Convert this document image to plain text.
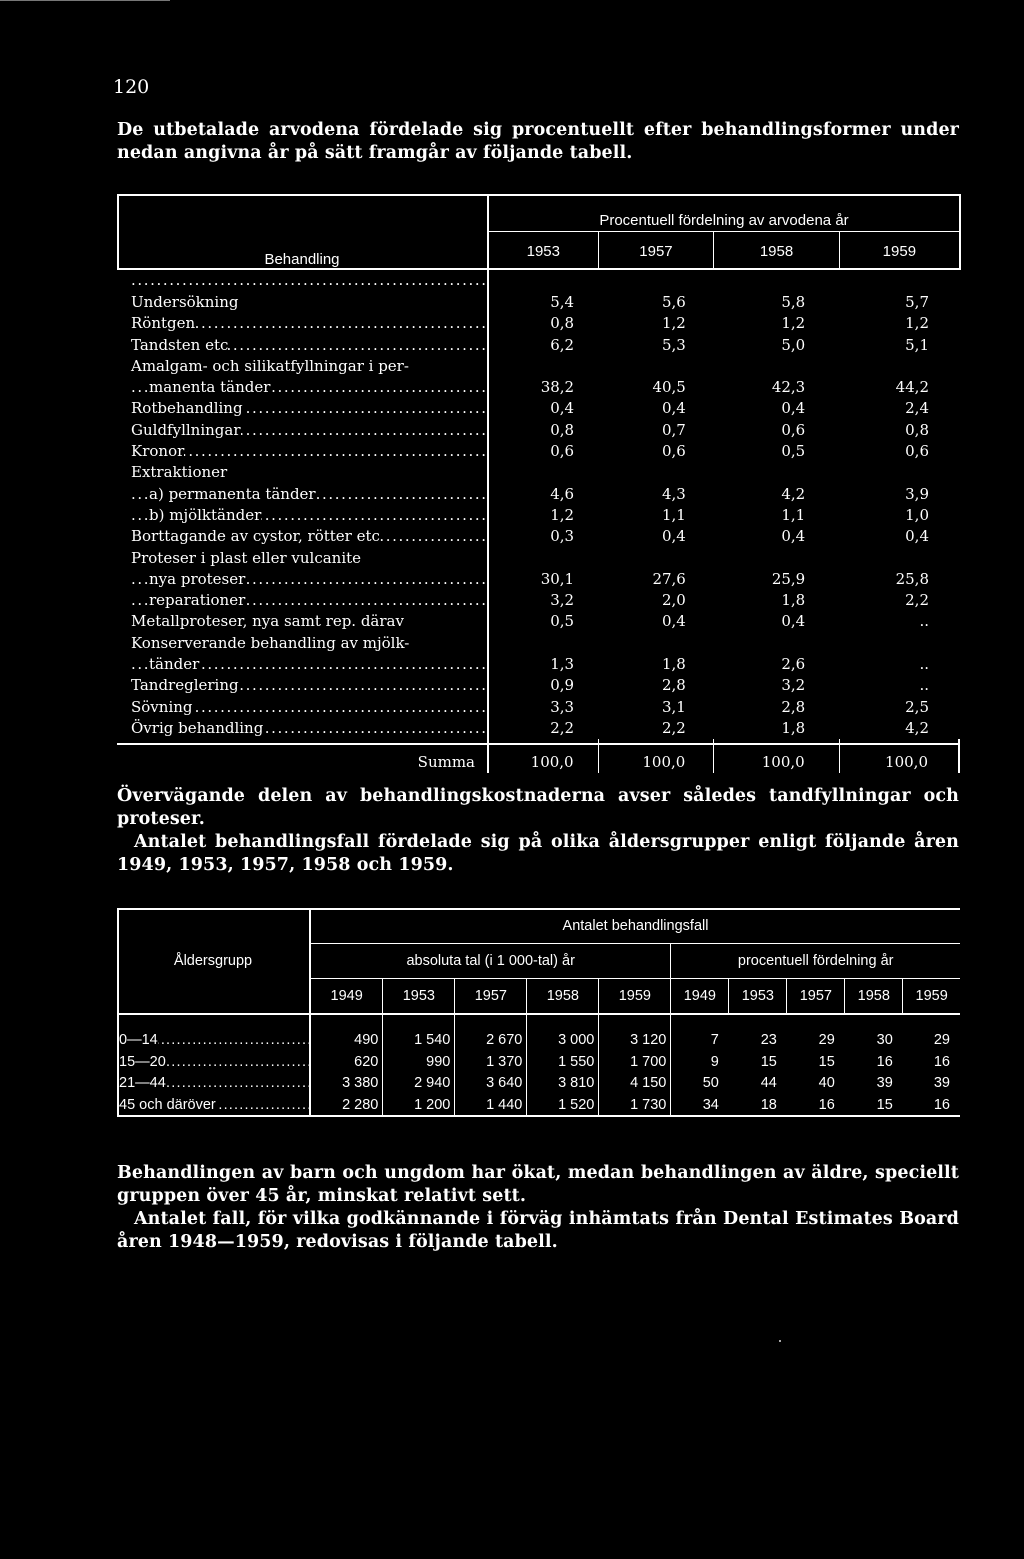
120

De utbetalade arvodena fördelade sig procentuellt efter behandlingsformer under nedan angivna år på sätt framgår av följande tabell.

Behandling	Procentuell fördelning av arvodena år			
	1953	1957	1958	1959
Undersökning .....	5,4	5,6	5,8	5,7
Röntgen .....	0,8	1,2	1,2	1,2
Tandsten etc .....	6,2	5,3	5,0	5,1
Amalgam- och silikatfyllningar i per-				
manenta tänder .....	38,2	40,5	42,3	44,2
Rotbehandling .....	0,4	0,4	0,4	2,4
Guldfyllningar .....	0,8	0,7	0,6	0,8
Kronor .....	0,6	0,6	0,5	0,6
Extraktioner				
a) permanenta tänder .....	4,6	4,3	4,2	3,9
b) mjölktänder .....	1,2	1,1	1,1	1,0
Borttagande av cystor, rötter etc .....	0,3	0,4	0,4	0,4
Proteser i plast eller vulcanite				
nya proteser .....	30,1	27,6	25,9	25,8
reparationer .....	3,2	2,0	1,8	2,2
Metallproteser, nya samt rep. därav	0,5	0,4	0,4	..
Konserverande behandling av mjölk-				
tänder .....	1,3	1,8	2,6	..
Tandreglering .....	0,9	2,8	3,2	..
Sövning .....	3,3	3,1	2,8	2,5
Övrig behandling .....	2,2	2,2	1,8	4,2
Summa	100,0	100,0	100,0	100,0

Övervägande delen av behandlingskostnaderna avser således tandfyllningar och proteser.

Antalet behandlingsfall fördelade sig på olika åldersgrupper enligt följande åren 1949, 1953, 1957, 1958 och 1959.

Åldersgrupp	Antalet behandlingsfall									
	absoluta tal (i 1 000-tal) år					procentuell fördelning år				
	1949	1953	1957	1958	1959	1949	1953	1957	1958	1959
0—14 .....	490	1 540	2 670	3 000	3 120	7	23	29	30	29
15—20 .....	620	990	1 370	1 550	1 700	9	15	15	16	16
21—44 .....	3 380	2 940	3 640	3 810	4 150	50	44	40	39	39
45 och däröver .....	2 280	1 200	1 440	1 520	1 730	34	18	16	15	16

Behandlingen av barn och ungdom har ökat, medan behandlingen av äldre, speciellt gruppen över 45 år, minskat relativt sett.

Antalet fall, för vilka godkännande i förväg inhämtats från Dental Estimates Board åren 1948—1959, redovisas i följande tabell.
